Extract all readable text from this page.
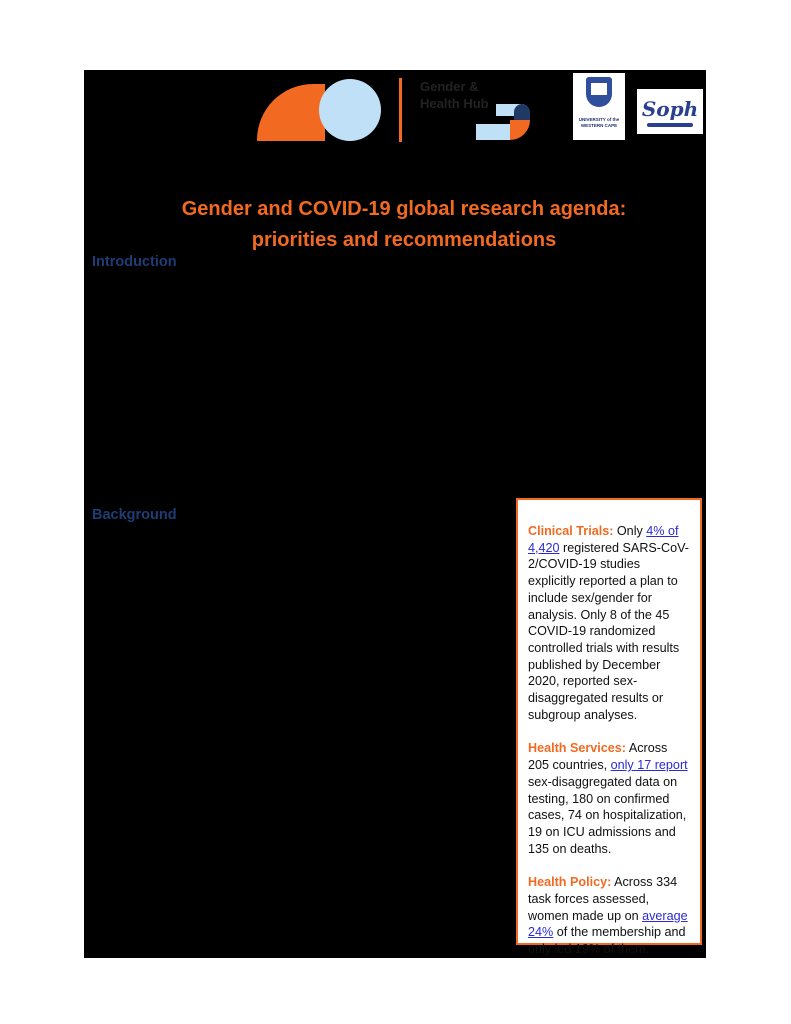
Gender &
Health Hub
UNIVERSITY of the
WESTERN CAPE
Soph
Gender and COVID-19 global research agenda:
priorities and recommendations
Introduction
Background

Clinical Trials: Only 4% of 4,420 registered SARS-CoV-2/COVID-19 studies explicitly reported a plan to include sex/gender for analysis. Only 8 of the 45 COVID-19 randomized controlled trials with results published by December 2020, reported sex-disaggregated results or subgroup analyses.

Health Services: Across 205 countries, only 17 report sex-disaggregated data on testing, 180 on confirmed cases, 74 on hospitalization, 19 on ICU admissions and 135 on deaths.

Health Policy: Across 334 task forces assessed, women made up on average 24% of the membership and only led 19% of them.
